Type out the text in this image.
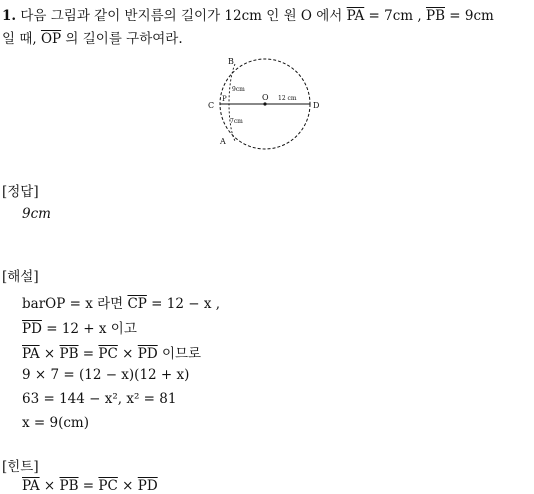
1. 다음 그림과 같이 반지름의 길이가 12cm 인 원 O 에서 $\overline{PA} = 7cm$ , $\overline{PB} = 9cm$
일 때, $\overline{OP}$ 의 길이를 구하여라.
B
C
P	O
D
A
9cm
7cm
12 cm
[정답]
9cm
[해설]
barOP = x 라면 $\overline{CP} = 12 - x$ ,
$\overline{PD} = 12 + x$ 이고
$\overline{PA} \times \overline{PB} = \overline{PC} \times \overline{PD}$ 이므로
9 × 7 = (12 − x)(12 + x)
63 = 144 − x², x² = 81
x = 9(cm)
[힌트]
$\overline{PA} \times \overline{PB} = \overline{PC} \times \overline{PD}$
